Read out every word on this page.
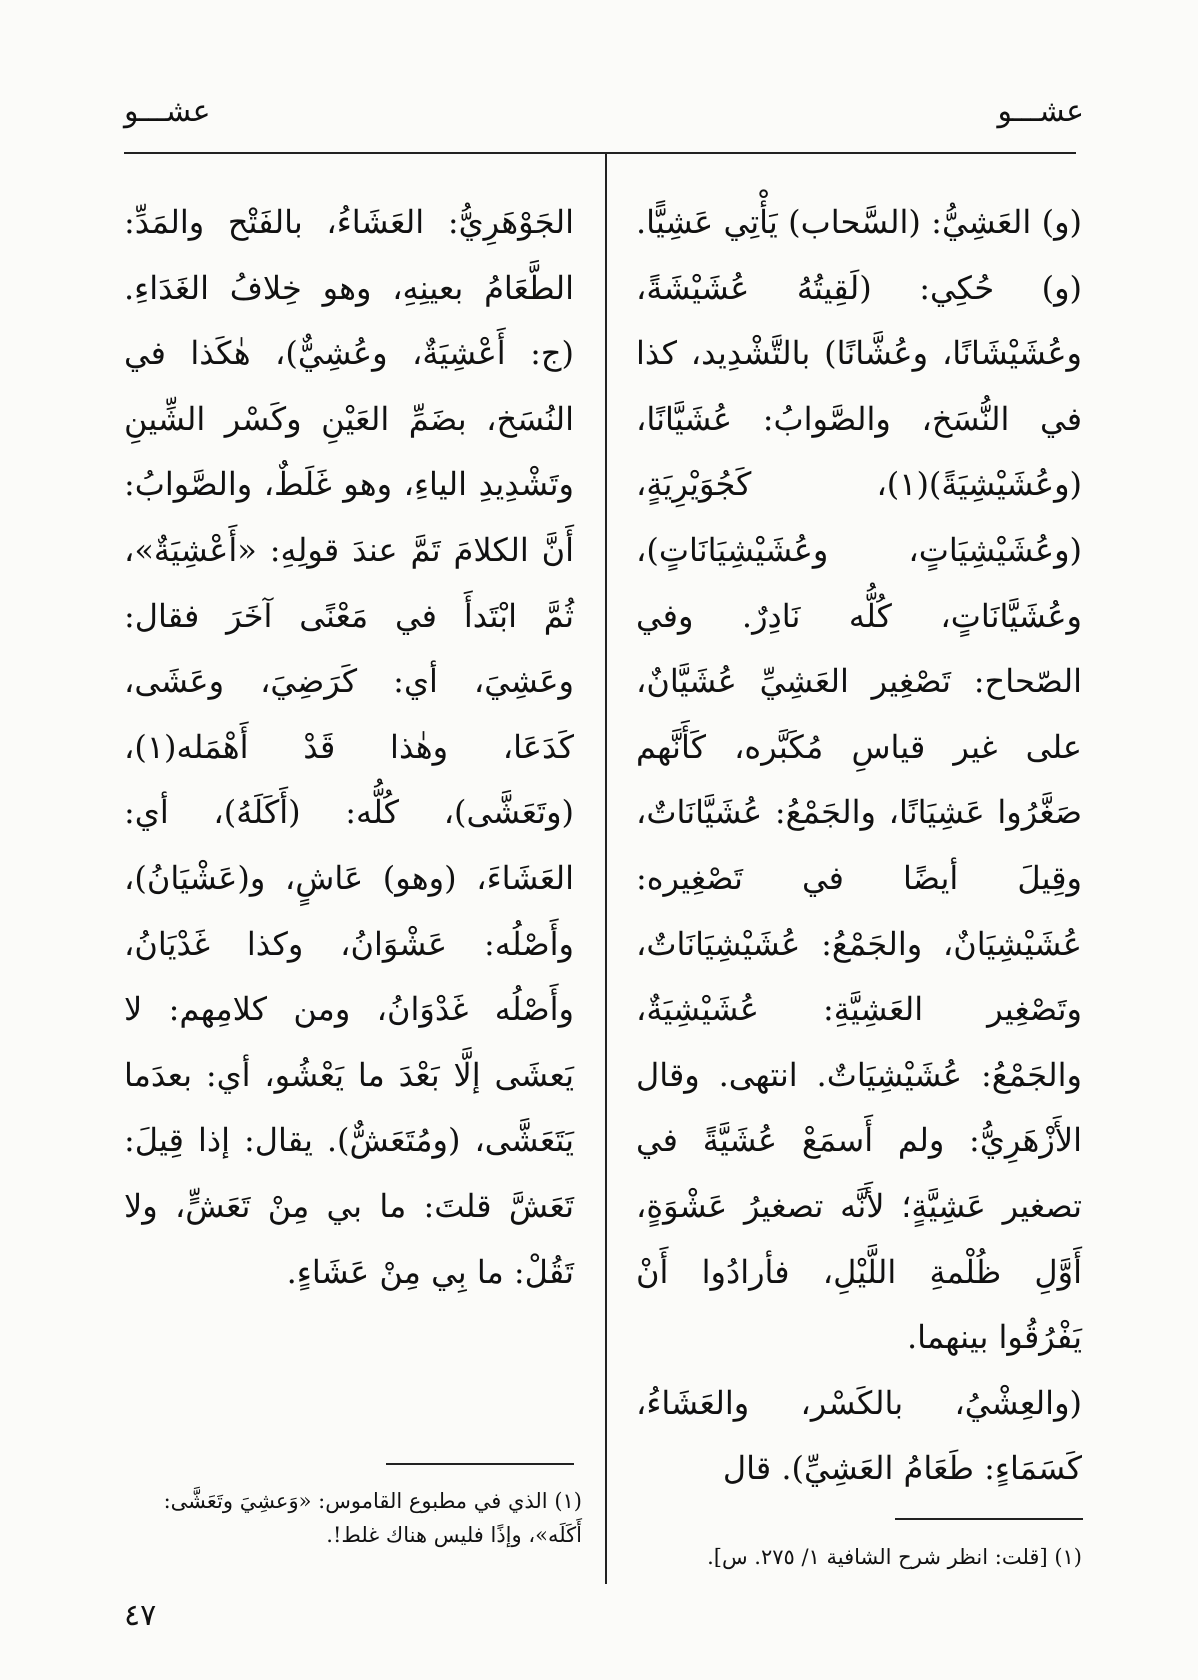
عشـــو
عشـــو

(و) العَشِيُّ: (السَّحاب) يَأْتِي عَشِيًّا. (و) حُكِي: (لَقِيتُهُ عُشَيْشَةً، وعُشَيْشَانًا، وعُشَّانًا) بالتَّشْدِيد، كذا في النُّسَخ، والصَّوابُ: عُشَيَّانًا، (وعُشَيْشِيَةً)(١)، كَجُوَيْرِيَةٍ، (وعُشَيْشِيَاتٍ، وعُشَيْشِيَانَاتٍ)، وعُشَيَّانَاتٍ، كُلُّه نَادِرٌ. وفي الصّحاح: تَصْغِير العَشِيِّ عُشَيَّانٌ، على غير قياسِ مُكَبَّره، كَأَنَّهم صَغَّرُوا عَشِيَانًا، والجَمْعُ: عُشَيَّانَاتٌ، وقِيلَ أيضًا في تَصْغِيره: عُشَيْشِيَانٌ، والجَمْعُ: عُشَيْشِيَانَاتٌ، وتَصْغِير العَشِيَّةِ: عُشَيْشِيَةٌ، والجَمْعُ: عُشَيْشِيَاتٌ. انتهى. وقال الأَزْهَرِيُّ: ولم أَسمَعْ عُشَيَّةً في تصغير عَشِيَّةٍ؛ لأَنَّه تصغيرُ عَشْوَةٍ، أَوَّلِ ظُلْمةِ اللَّيْلِ، فأرادُوا أَنْ يَفْرُقُوا بينهما.

(والعِشْيُ، بالكَسْر، والعَشَاءُ، كَسَمَاءٍ: طَعَامُ العَشِيِّ). قال

الجَوْهَرِيُّ: العَشَاءُ، بالفَتْح والمَدِّ: الطَّعَامُ بعينِهِ، وهو خِلافُ الغَدَاءِ. (ج: أَعْشِيَةٌ، وعُشِيٌّ)، هٰكَذا في النُسَخ، بضَمِّ العَيْنِ وكَسْر الشِّينِ وتَشْدِيدِ الياءِ، وهو غَلَطٌ، والصَّوابُ: أَنَّ الكلامَ تَمَّ عندَ قولِهِ: «أَعْشِيَةٌ»، ثُمَّ ابْتَدأَ في مَعْنًى آخَرَ فقال: وعَشِيَ، أي: كَرَضِيَ، وعَشَى، كَدَعَا، وهٰذا قَدْ أَهْمَله(١)، (وتَعَشَّى)، كُلُّه: (أَكَلَهُ)، أي: العَشَاءَ، (وهو) عَاشٍ، و(عَشْيَانُ)، وأَصْلُه: عَشْوَانُ، وكذا غَدْيَانُ، وأَصْلُه غَدْوَانُ، ومن كلامِهم: لا يَعشَى إلَّا بَعْدَ ما يَعْشُو، أي: بعدَما يَتَعَشَّى، (ومُتَعَشٌّ). يقال: إذا قِيلَ: تَعَشَّ قلتَ: ما بي مِنْ تَعَشٍّ، ولا تَقُلْ: ما بِي مِنْ عَشَاءٍ.

(١) [قلت: انظر شرح الشافية ١/ ٢٧٥. س].
(١) الذي في مطبوع القاموس: «وَعشِيَ وتَعَشَّى: أَكَلَه»، وإذًا فليس هناك غلط!.
٤٧
